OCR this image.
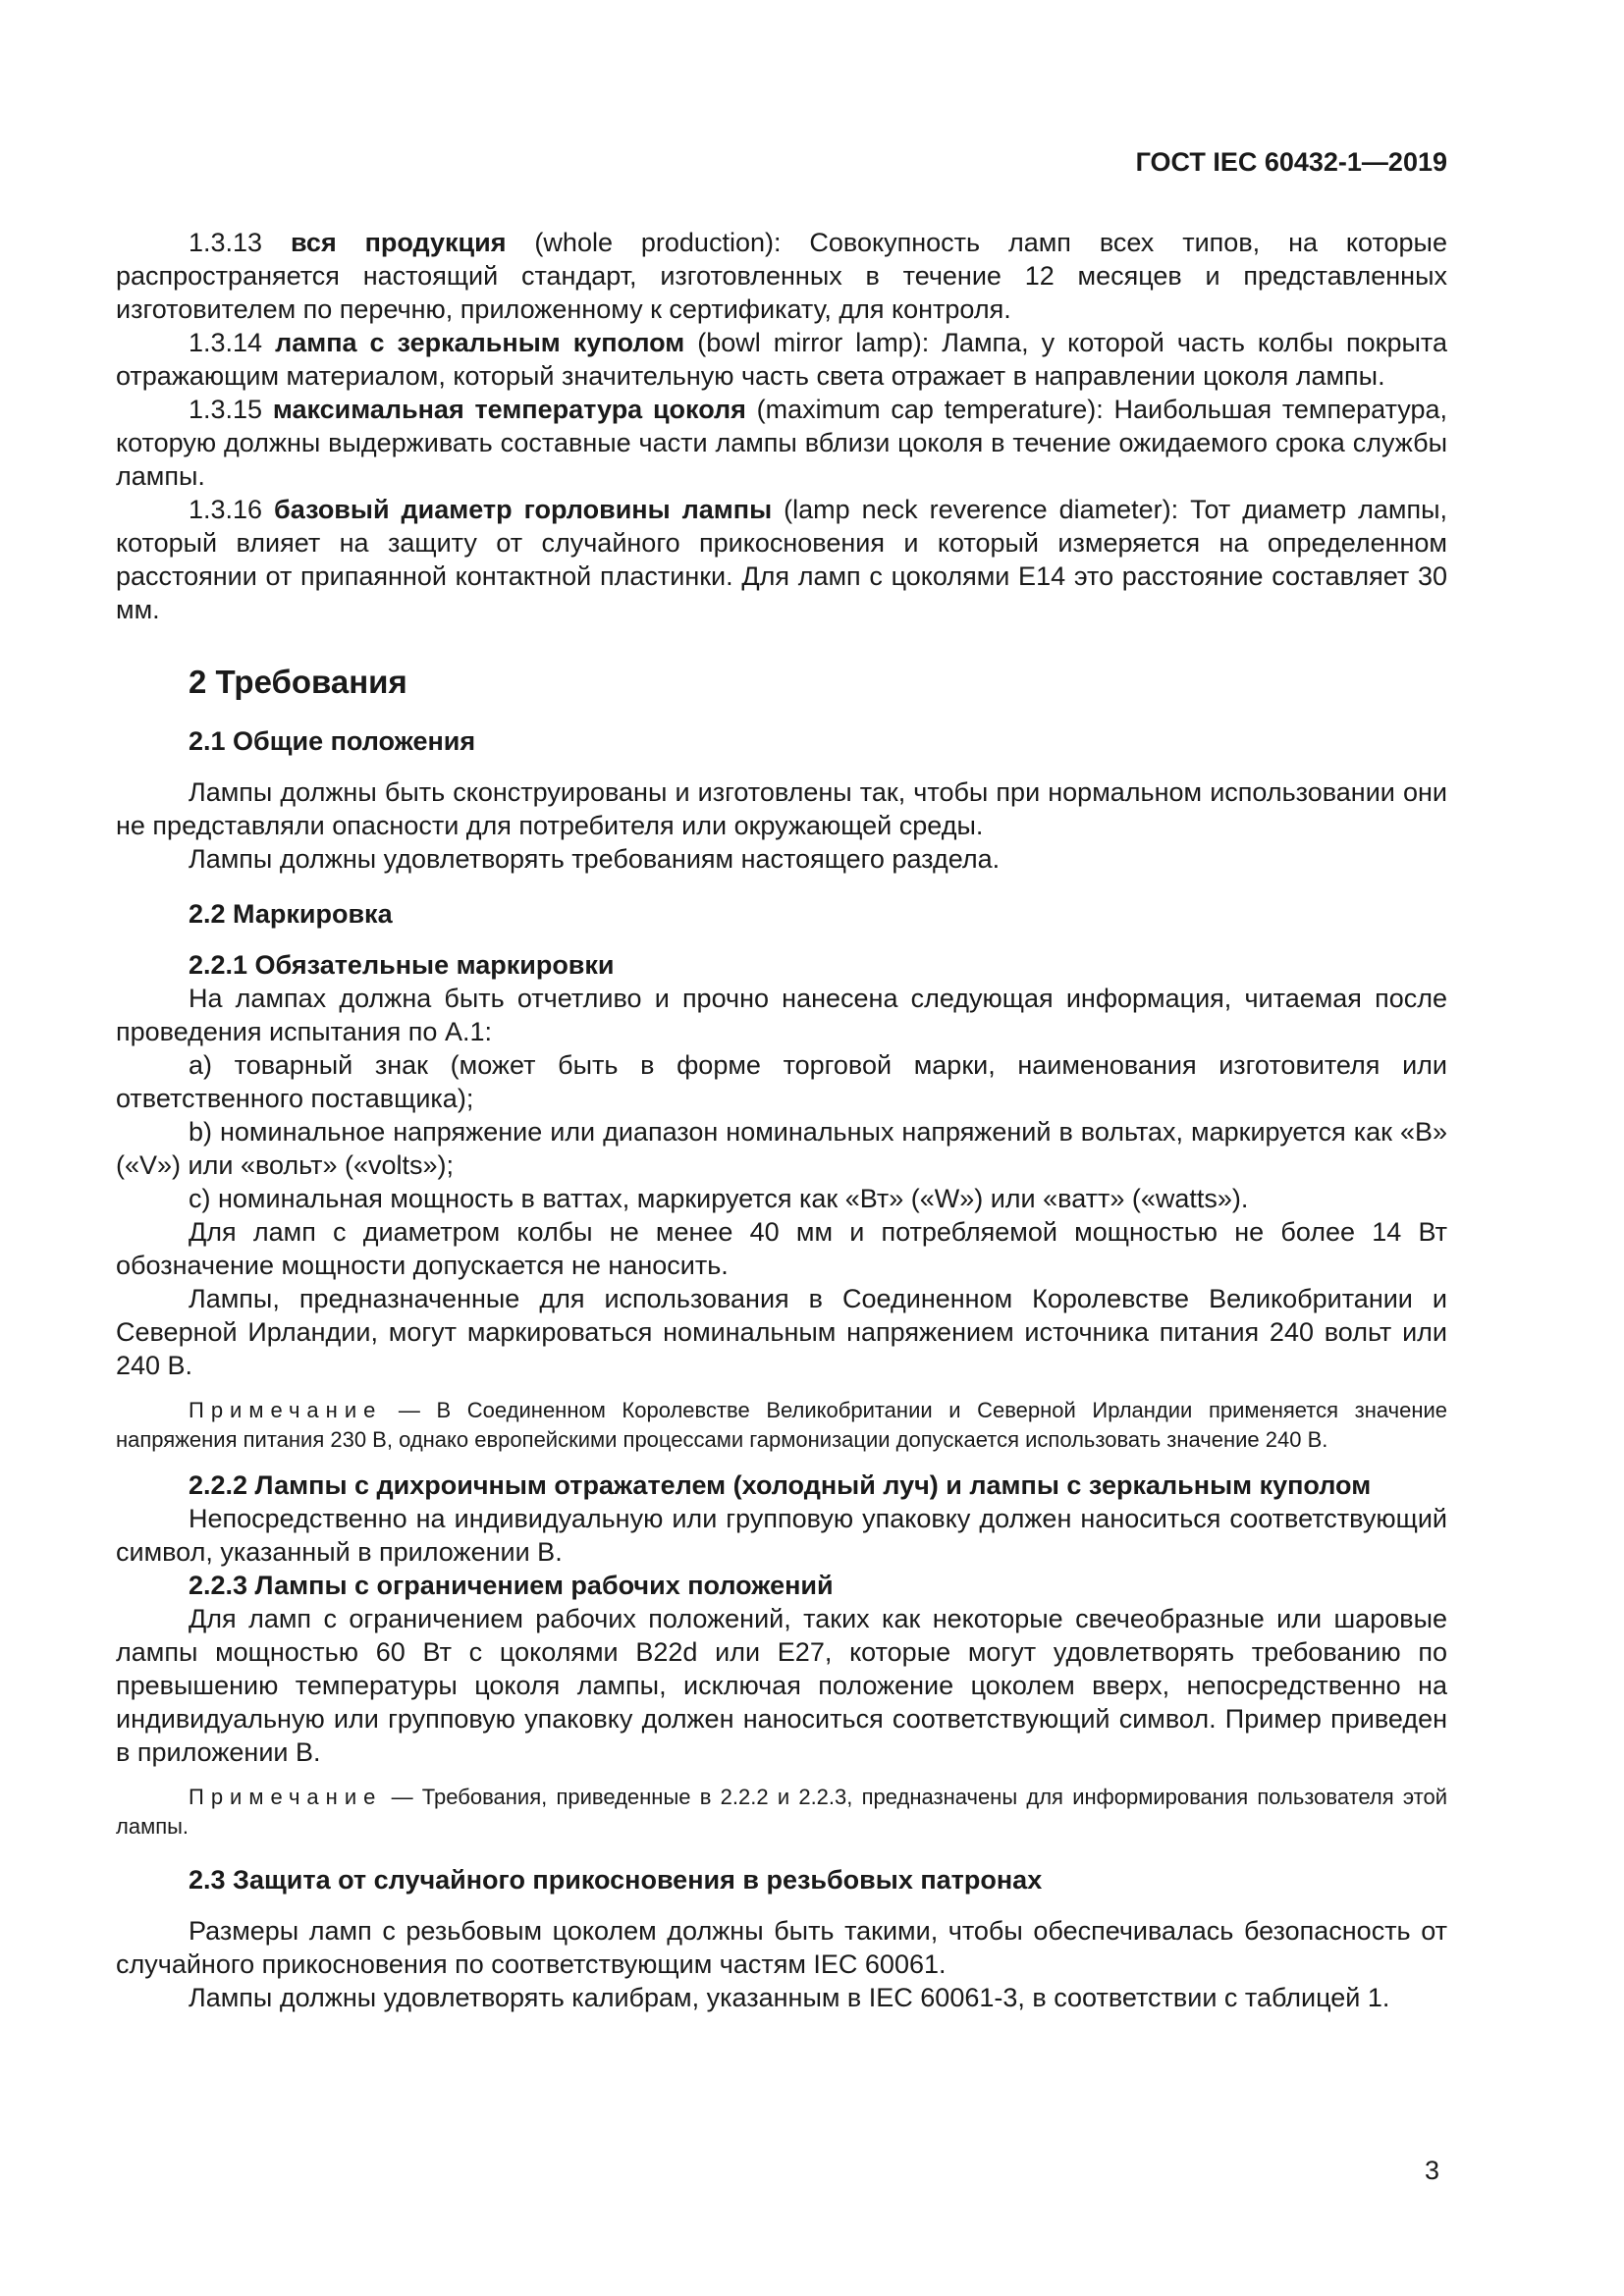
ГОСТ IEC 60432-1—2019

1.3.13 вся продукция (whole production): Совокупность ламп всех типов, на которые распространяется настоящий стандарт, изготовленных в течение 12 месяцев и представленных изготовителем по перечню, приложенному к сертификату, для контроля.

1.3.14 лампа с зеркальным куполом (bowl mirror lamp): Лампа, у которой часть колбы покрыта отражающим материалом, который значительную часть света отражает в направлении цоколя лампы.

1.3.15 максимальная температура цоколя (maximum cap temperature): Наибольшая температура, которую должны выдерживать составные части лампы вблизи цоколя в течение ожидаемого срока службы лампы.

1.3.16 базовый диаметр горловины лампы (lamp neck reverence diameter): Тот диаметр лампы, который влияет на защиту от случайного прикосновения и который измеряется на определенном расстоянии от припаянной контактной пластинки. Для ламп с цоколями Е14 это расстояние составляет 30 мм.

2 Требования
2.1 Общие положения

Лампы должны быть сконструированы и изготовлены так, чтобы при нормальном использовании они не представляли опасности для потребителя или окружающей среды.

Лампы должны удовлетворять требованиям настоящего раздела.

2.2 Маркировка

2.2.1 Обязательные маркировки

На лампах должна быть отчетливо и прочно нанесена следующая информация, читаемая после проведения испытания по А.1:

a) товарный знак (может быть в форме торговой марки, наименования изготовителя или ответственного поставщика);

b) номинальное напряжение или диапазон номинальных напряжений в вольтах, маркируется как «В» («V») или «вольт» («volts»);

c) номинальная мощность в ваттах, маркируется как «Вт» («W») или «ватт» («watts»).

Для ламп с диаметром колбы не менее 40 мм и потребляемой мощностью не более 14 Вт обозначение мощности допускается не наносить.

Лампы, предназначенные для использования в Соединенном Королевстве Великобритании и Северной Ирландии, могут маркироваться номинальным напряжением источника питания 240 вольт или 240 В.

Примечание — В Соединенном Королевстве Великобритании и Северной Ирландии применяется значение напряжения питания 230 В, однако европейскими процессами гармонизации допускается использовать значение 240 В.

2.2.2 Лампы с дихроичным отражателем (холодный луч) и лампы с зеркальным куполом

Непосредственно на индивидуальную или групповую упаковку должен наноситься соответствующий символ, указанный в приложении В.

2.2.3 Лампы с ограничением рабочих положений

Для ламп с ограничением рабочих положений, таких как некоторые свечеобразные или шаровые лампы мощностью 60 Вт с цоколями В22d или Е27, которые могут удовлетворять требованию по превышению температуры цоколя лампы, исключая положение цоколем вверх, непосредственно на индивидуальную или групповую упаковку должен наноситься соответствующий символ. Пример приведен в приложении В.

Примечание — Требования, приведенные в 2.2.2 и 2.2.3, предназначены для информирования пользователя этой лампы.

2.3 Защита от случайного прикосновения в резьбовых патронах

Размеры ламп с резьбовым цоколем должны быть такими, чтобы обеспечивалась безопасность от случайного прикосновения по соответствующим частям IEC 60061.

Лампы должны удовлетворять калибрам, указанным в IEC 60061-3, в соответствии с таблицей 1.

3
